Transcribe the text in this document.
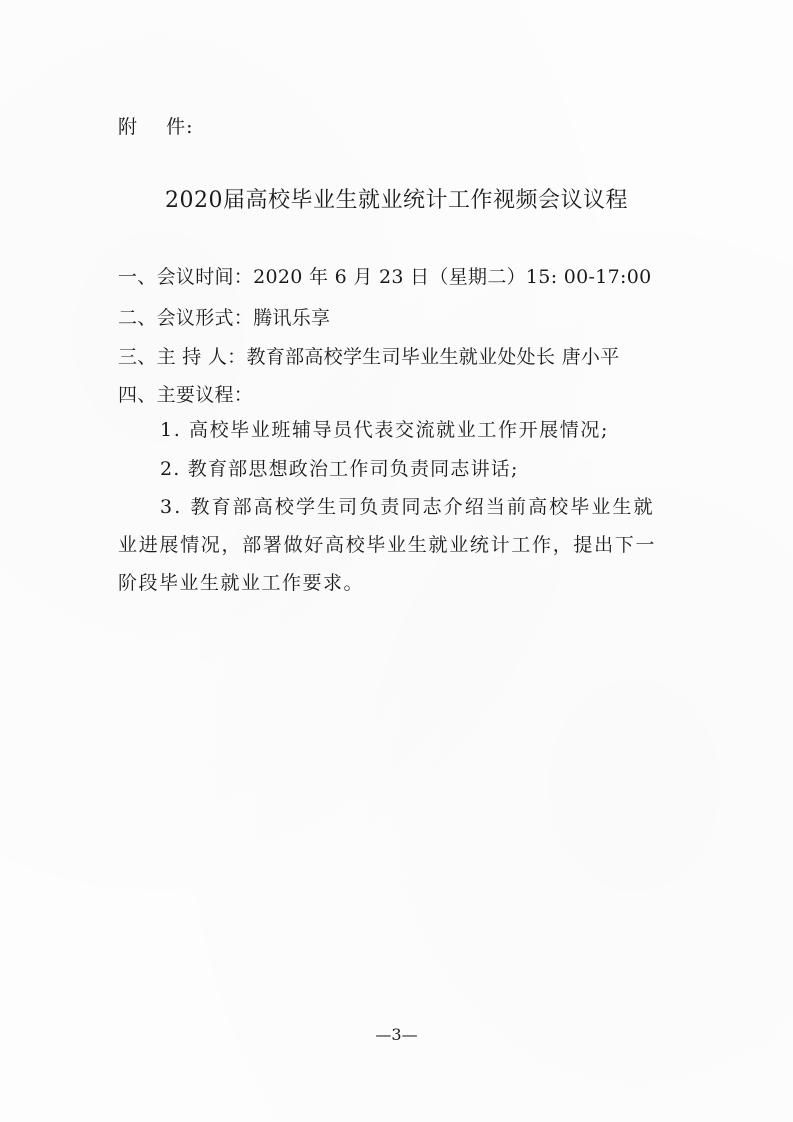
附    件:
2020届高校毕业生就业统计工作视频会议议程
一、会议时间：2020 年 6 月 23 日（星期二）15: 00-17:00
二、会议形式：腾讯乐享
三、主 持 人：教育部高校学生司毕业生就业处处长 唐小平
四、主要议程：
1. 高校毕业班辅导员代表交流就业工作开展情况;
2. 教育部思想政治工作司负责同志讲话;
3. 教育部高校学生司负责同志介绍当前高校毕业生就
业进展情况，部署做好高校毕业生就业统计工作，提出下一
阶段毕业生就业工作要求。
—3—
